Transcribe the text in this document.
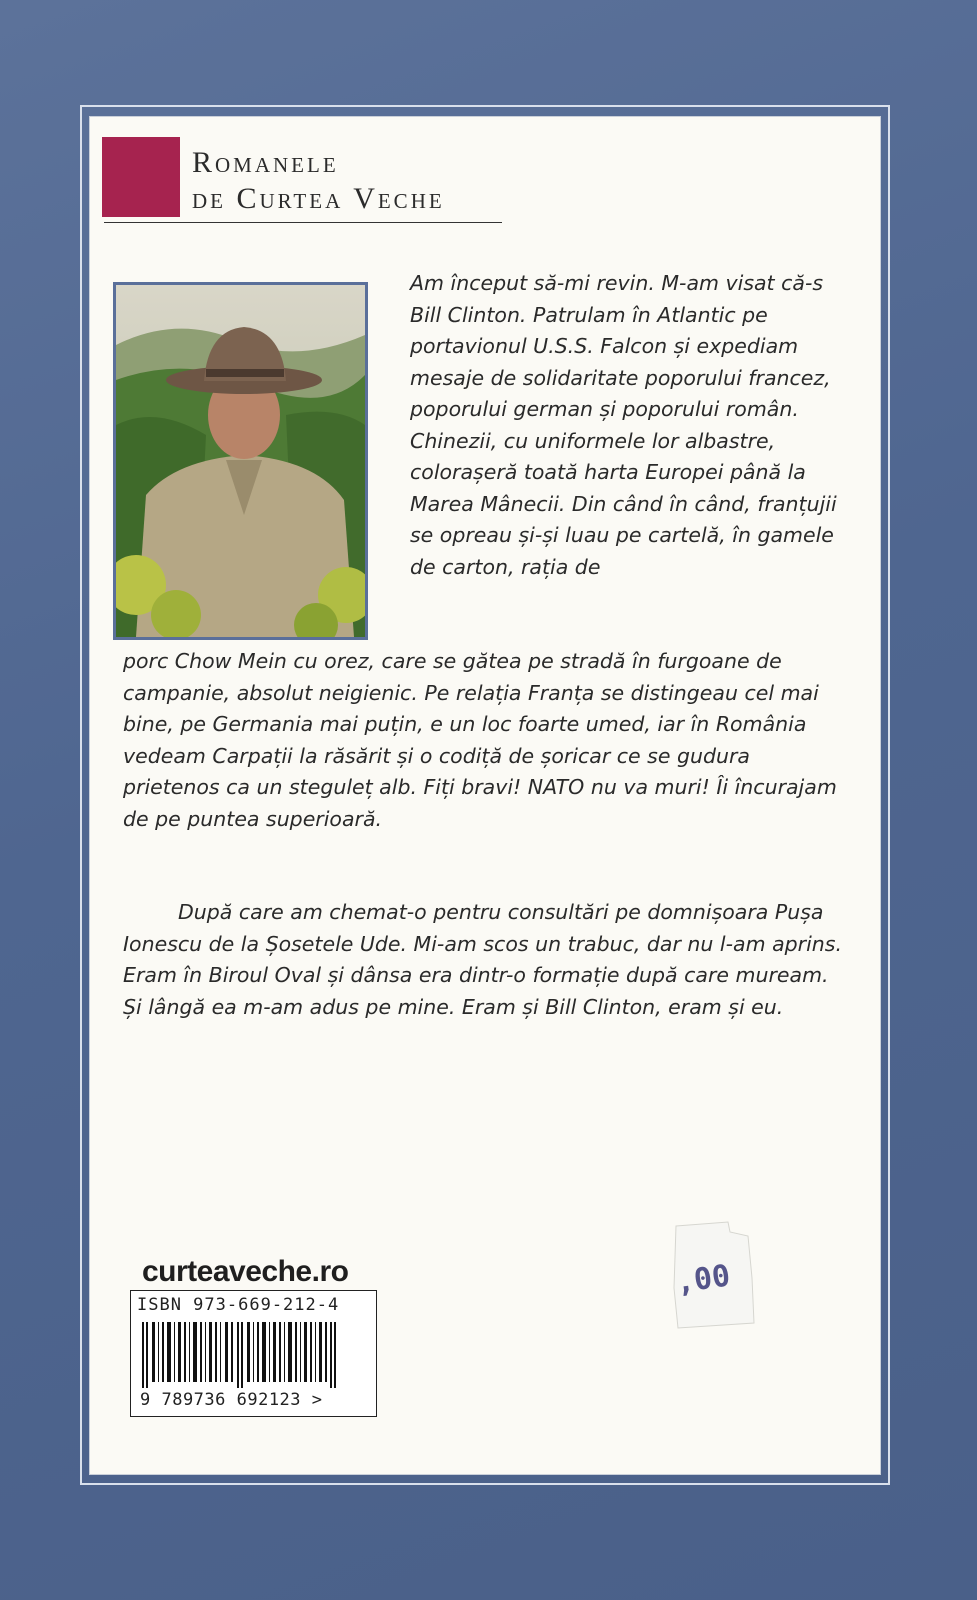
Romanele
de Curtea Veche
Am început să-mi revin. M-am visat că-s Bill Clinton. Patrulam în Atlantic pe portavionul U.S.S. Falcon și expediam mesaje de solidaritate poporului francez, poporului german și poporului român. Chinezii, cu uniformele lor albastre, colorașeră toată harta Europei până la Marea Mânecii. Din când în când, franțujii se opreau și-și luau pe cartelă, în gamele de carton, rația de
porc Chow Mein cu orez, care se gătea pe stradă în furgoane de campanie, absolut neigienic. Pe relația Franța se distingeau cel mai bine, pe Germania mai puțin, e un loc foarte umed, iar în România vedeam Carpații la răsărit și o codiță de șoricar ce se gudura prietenos ca un steguleț alb. Fiți bravi! NATO nu va muri! Îi încurajam de pe puntea superioară.
După care am chemat-o pentru consultări pe domnișoara Pușa Ionescu de la Șosetele Ude. Mi-am scos un trabuc, dar nu l-am aprins. Eram în Biroul Oval și dânsa era dintr-o formație după care muream. Și lângă ea m-am adus pe mine. Eram și Bill Clinton, eram și eu.
curteaveche.ro
ISBN 973-669-212-4
9 789736 692123 >
,00
